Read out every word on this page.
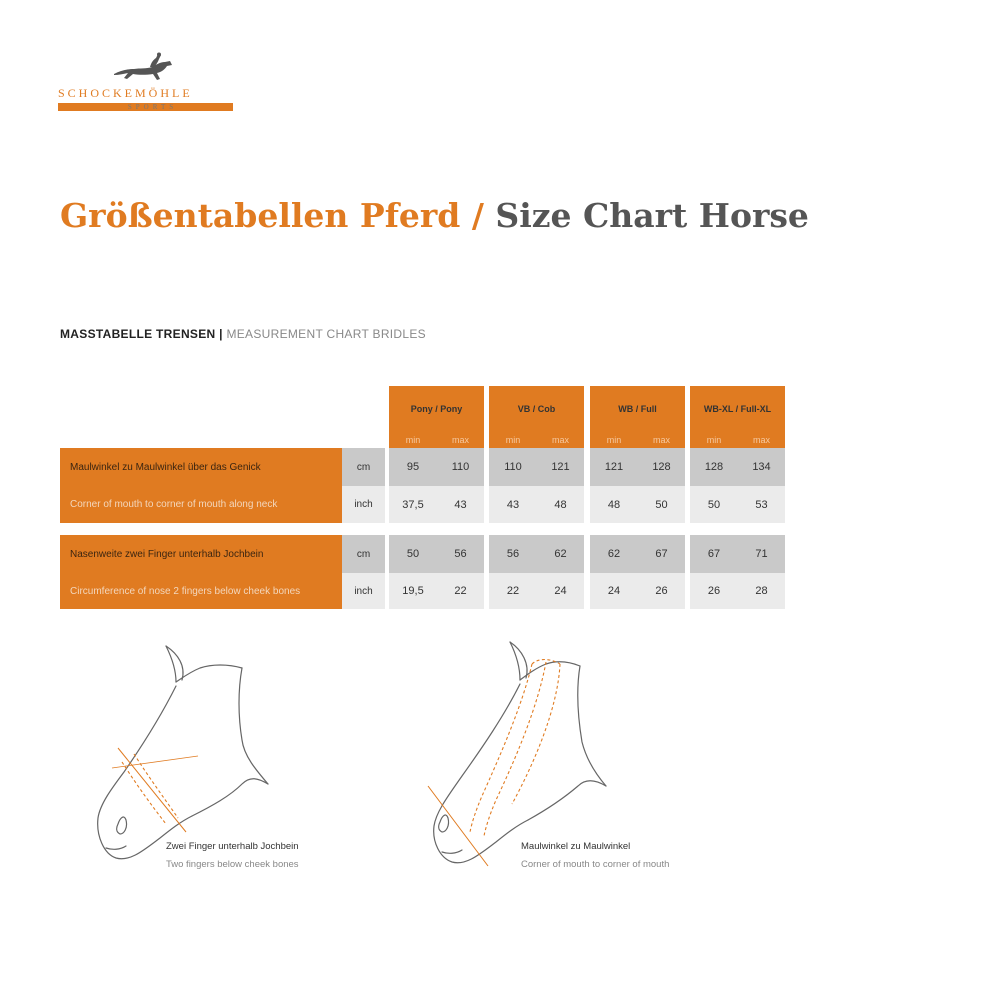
SCHOCKEMÖHLE
SPORTS
Größentabellen Pferd / Size Chart Horse
MASSTABELLE TRENSEN | MEASUREMENT CHART BRIDLES
Pony / Pony
min	max
VB / Cob
min	max
WB / Full
min	max
WB-XL / Full-XL
min	max
Maulwinkel zu Maulwinkel über das Genick	cm	95	110	110	121	121	128	128	134
Corner of mouth to corner of mouth along neck	inch	37,5	43	43	48	48	50	50	53
Nasenweite zwei Finger unterhalb Jochbein	cm	50	56	56	62	62	67	67	71
Circumference of nose 2 fingers below cheek bones	inch	19,5	22	22	24	24	26	26	28
Zwei Finger unterhalb Jochbein
Two fingers below cheek bones
Maulwinkel zu Maulwinkel
Corner of mouth to corner of mouth
